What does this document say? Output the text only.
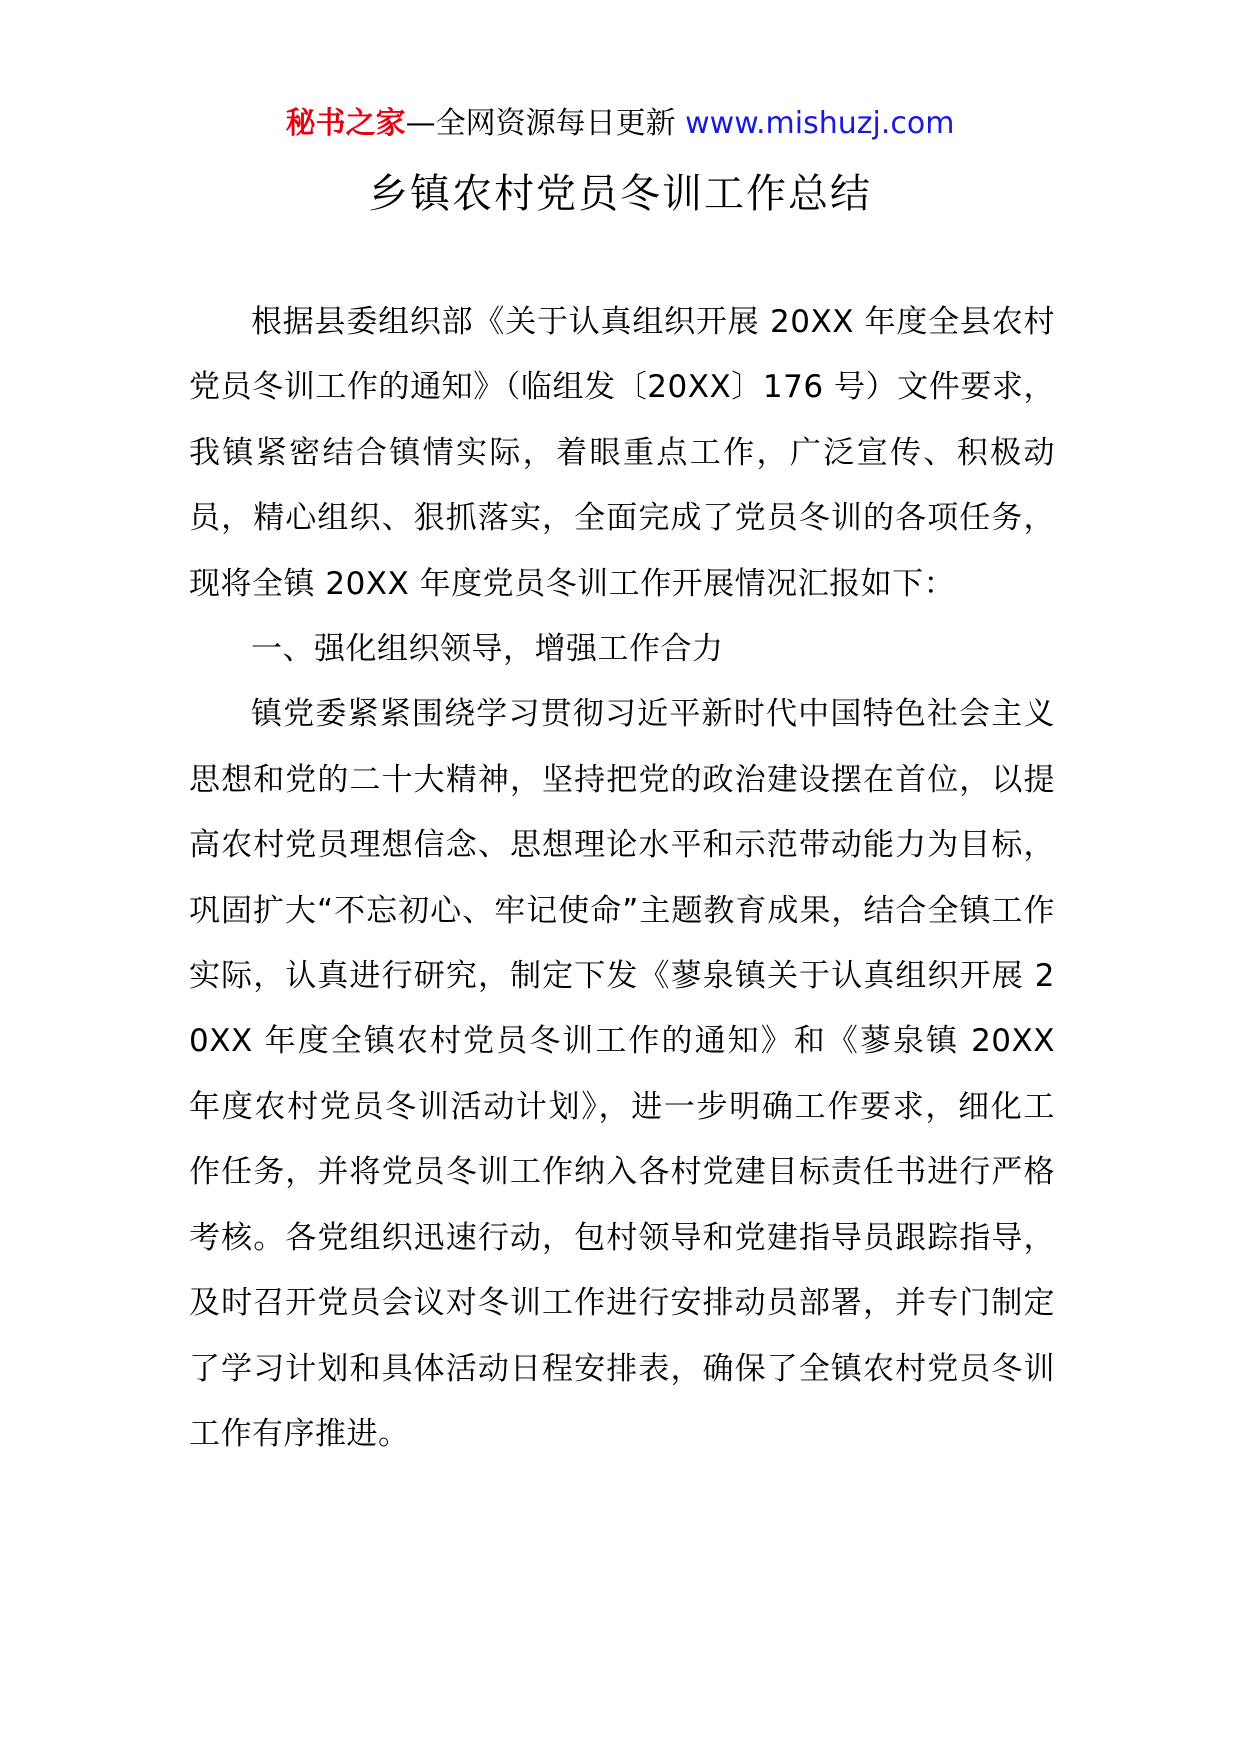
秘书之家—全网资源每日更新 www.mishuzj.com
乡镇农村党员冬训工作总结

根据县委组织部《关于认真组织开展 20XX 年度全县农村党员冬训工作的通知》（临组发〔20XX〕176 号）文件要求，我镇紧密结合镇情实际，着眼重点工作，广泛宣传、积极动员，精心组织、狠抓落实，全面完成了党员冬训的各项任务，现将全镇 20XX 年度党员冬训工作开展情况汇报如下：

一、强化组织领导，增强工作合力

镇党委紧紧围绕学习贯彻习近平新时代中国特色社会主义思想和党的二十大精神，坚持把党的政治建设摆在首位，以提高农村党员理想信念、思想理论水平和示范带动能力为目标，巩固扩大“不忘初心、牢记使命”主题教育成果，结合全镇工作实际，认真进行研究，制定下发《蓼泉镇关于认真组织开展 20XX 年度全镇农村党员冬训工作的通知》和《蓼泉镇 20XX 年度农村党员冬训活动计划》，进一步明确工作要求，细化工作任务，并将党员冬训工作纳入各村党建目标责任书进行严格考核。各党组织迅速行动，包村领导和党建指导员跟踪指导，及时召开党员会议对冬训工作进行安排动员部署，并专门制定了学习计划和具体活动日程安排表，确保了全镇农村党员冬训工作有序推进。
